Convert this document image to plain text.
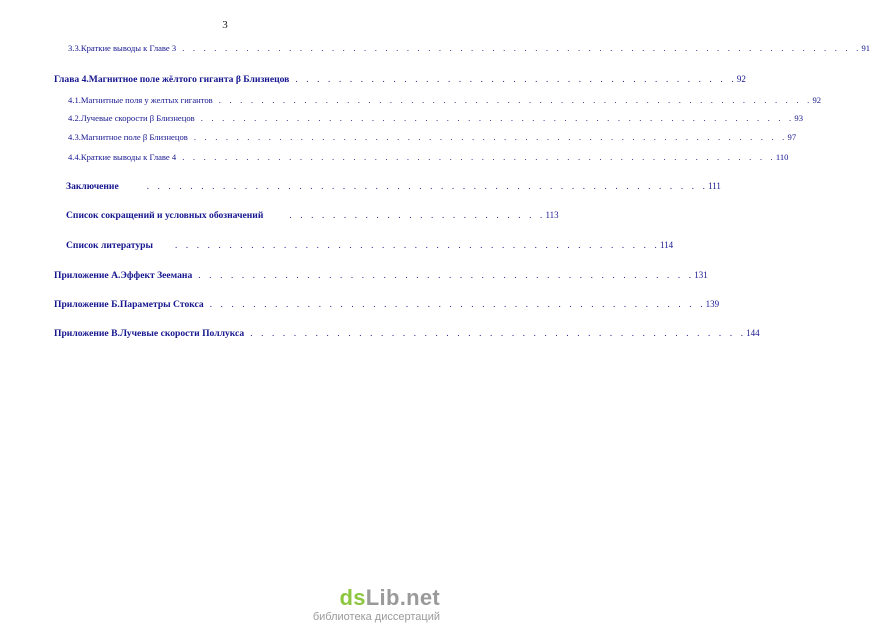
3
3.3. Краткие выводы к Главе 3 . . . . . . . . . . . . . . . . . . . . . . . . . . . . . . . . . . . . . . . . . . . . . . . . . . . . . . . . . . . . . . . . 91
Глава 4. Магнитное поле жёлтого гиганта β Близнецов . . . . . . . . . . . . . . . . . . . . . . . . . . . . . . . . . . . . . . . . . 92
4.1. Магнитные поля у желтых гигантов . . . . . . . . . . . . . . . . . . . . . . . . . . . . . . . . . . . . . . . . . . . . . . . . . . . . . . . . 92
4.2. Лучевые скорости β Близнецов . . . . . . . . . . . . . . . . . . . . . . . . . . . . . . . . . . . . . . . . . . . . . . . . . . . . . . . . 93
4.3. Магнитное поле β Близнецов . . . . . . . . . . . . . . . . . . . . . . . . . . . . . . . . . . . . . . . . . . . . . . . . . . . . . . . . 97
4.4. Краткие выводы к Главе 4 . . . . . . . . . . . . . . . . . . . . . . . . . . . . . . . . . . . . . . . . . . . . . . . . . . . . . . . . 110
Заключение	. . . . . . . . . . . . . . . . . . . . . . . . . . . . . . . . . . . . . . . . . . . . . . . . . . . . 111
Список сокращений и условных обозначений	. . . . . . . . . . . . . . . . . . . . . . . . 113
Список литературы	. . . . . . . . . . . . . . . . . . . . . . . . . . . . . . . . . . . . . . . . . . . . . 114
Приложение А. Эффект Зеемана . . . . . . . . . . . . . . . . . . . . . . . . . . . . . . . . . . . . . . . . . . . . . . 131
Приложение Б. Параметры Стокса . . . . . . . . . . . . . . . . . . . . . . . . . . . . . . . . . . . . . . . . . . . . . . 139
Приложение В. Лучевые скорости Поллукса . . . . . . . . . . . . . . . . . . . . . . . . . . . . . . . . . . . . . . . . . . . . . . 144
dsLib.net
библиотека диссертаций
